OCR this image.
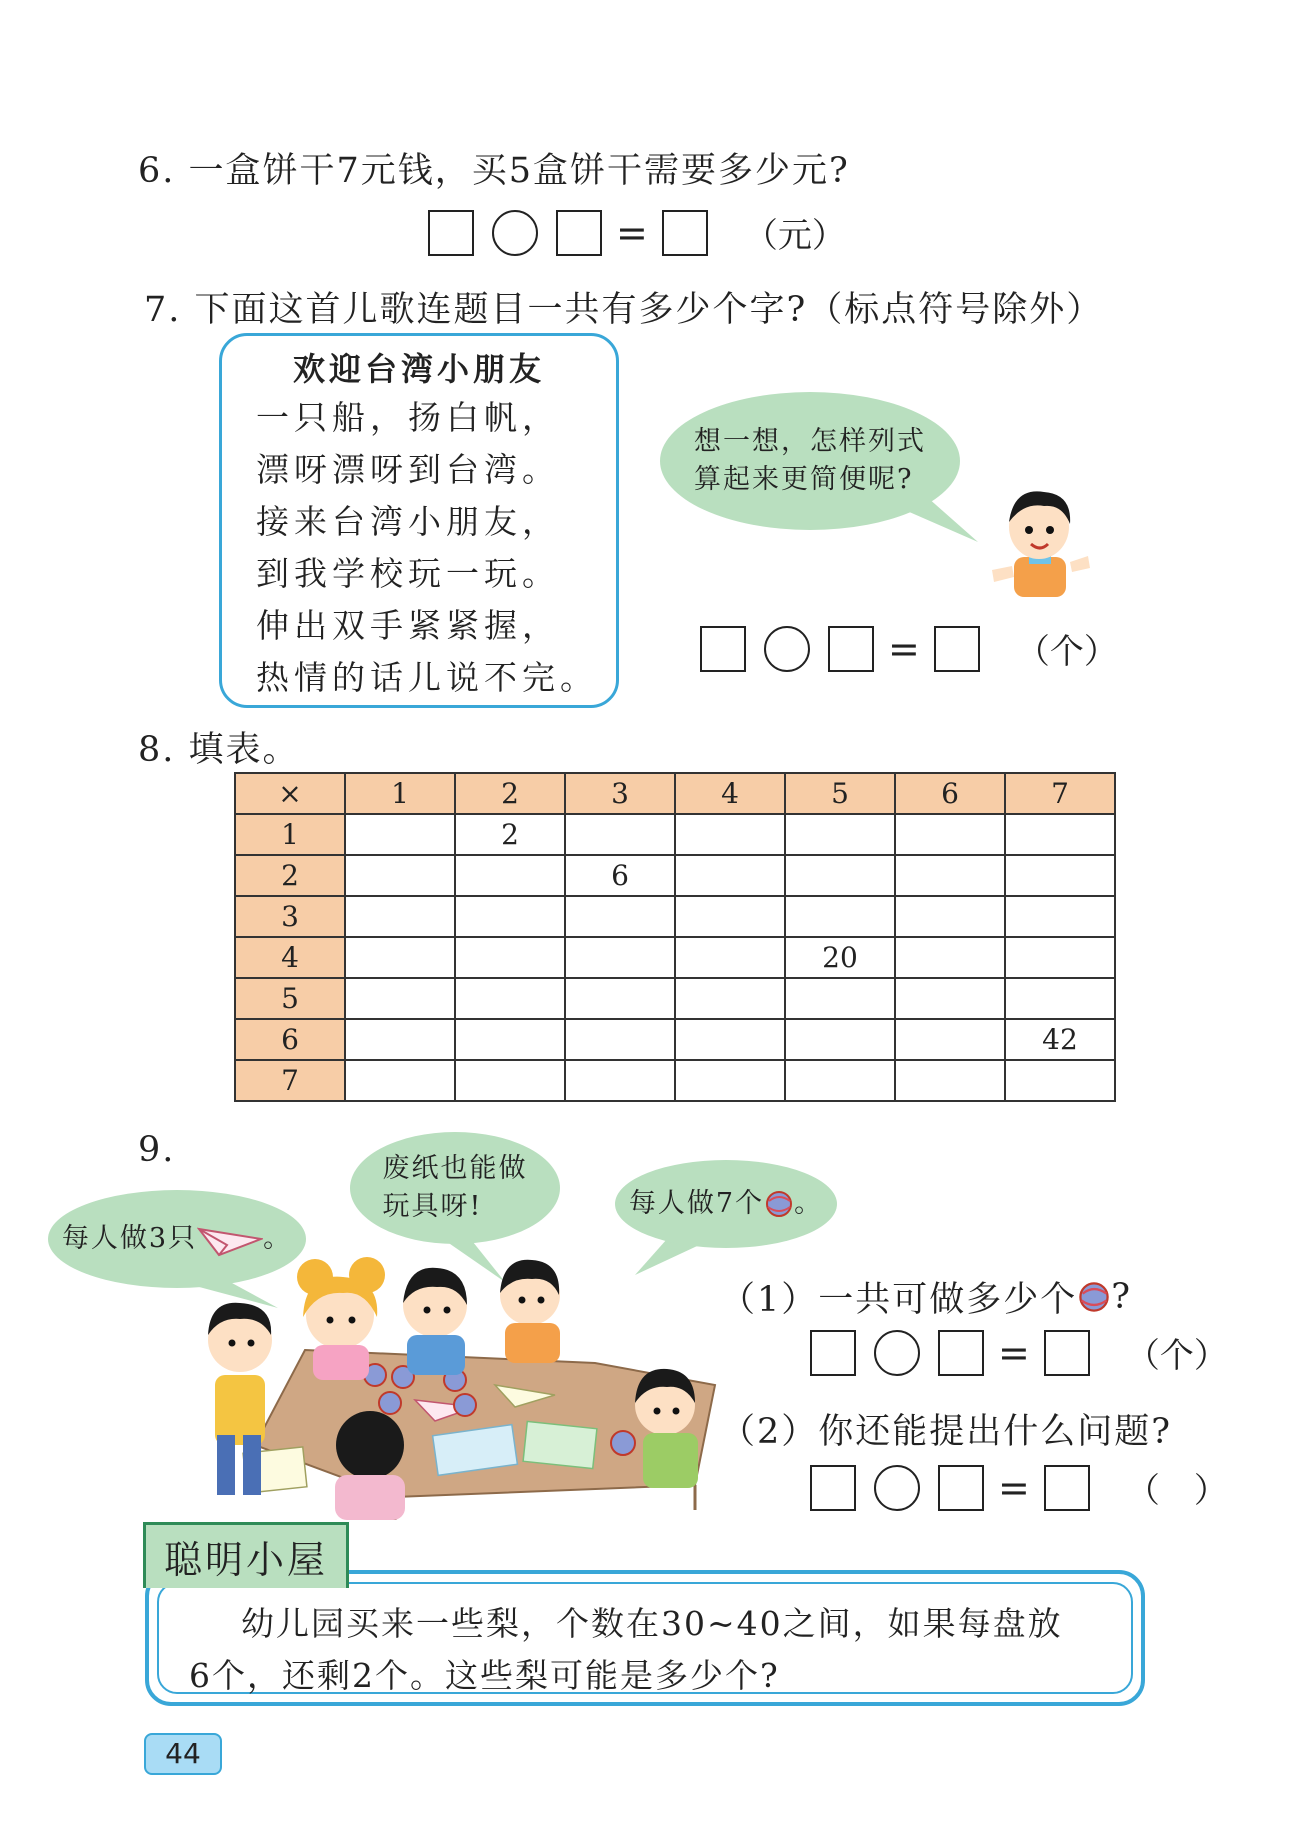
6. 一盒饼干7元钱，买5盒饼干需要多少元?
=	（元）
7. 下面这首儿歌连题目一共有多少个字?（标点符号除外）
欢迎台湾小朋友
一只船，扬白帆，
漂呀漂呀到台湾。
接来台湾小朋友，
到我学校玩一玩。
伸出双手紧紧握，
热情的话儿说不完。
想一想，怎样列式
算起来更简便呢?
=	（个）
8. 填表。
×	1	2	3	4	5	6	7
1		2					
2			6				
3							
4					20		
5							
6							42
7							
9.
每人做3只 。
废纸也能做
玩具呀!	每人做7个 。
（1）一共可做多少个 ?
=	（个）
（2）你还能提出什么问题?
=	（　）
幼儿园买来一些梨，个数在30~40之间，如果每盘放
6个，还剩2个。这些梨可能是多少个?
聪明小屋
44
